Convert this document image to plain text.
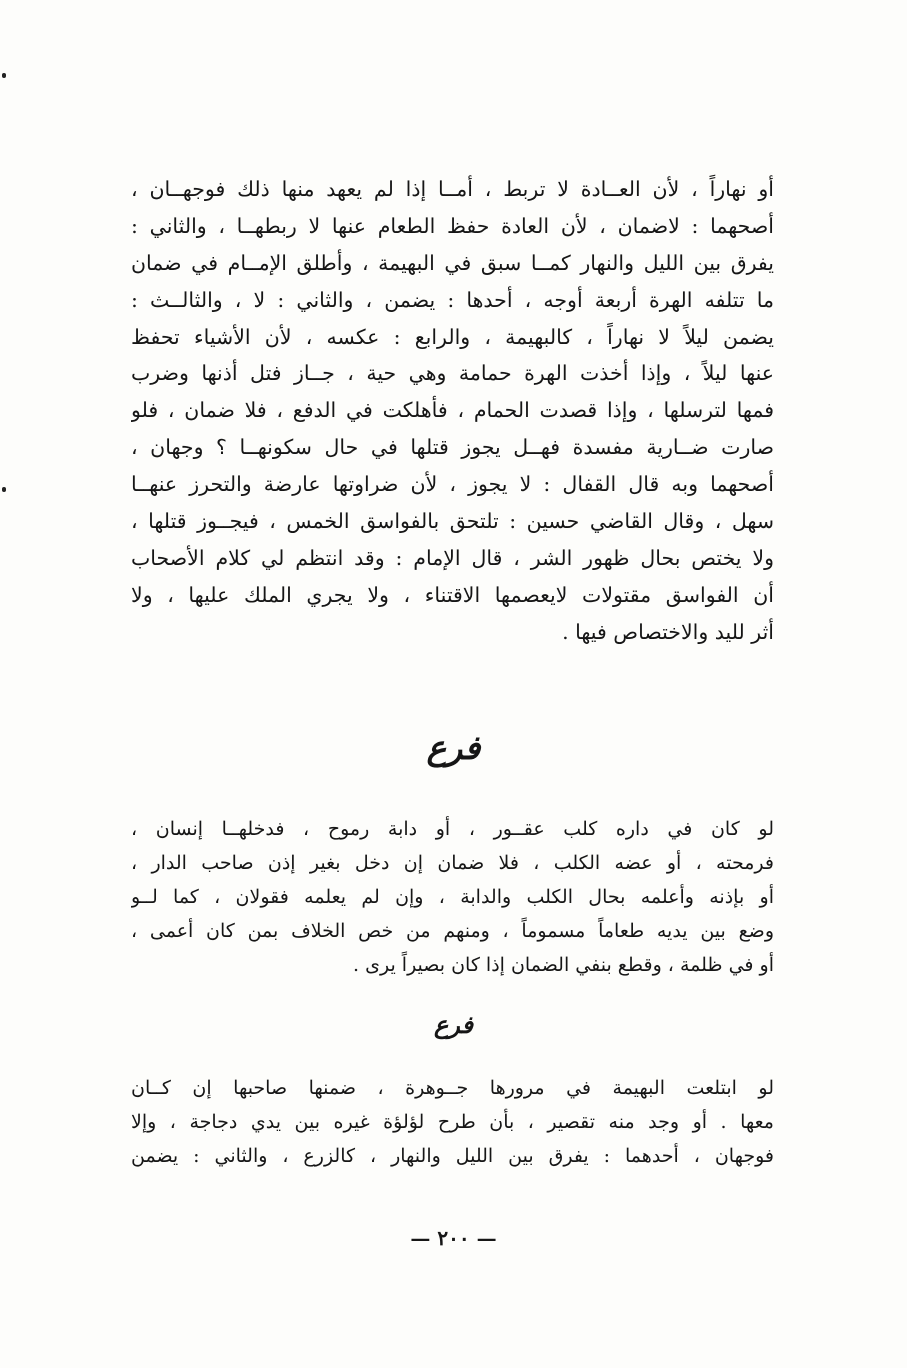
أو نهاراً ، لأن العــادة لا تربط ، أمــا إذا لم يعهد منها ذلك فوجهــان ،
أصحهما : لاضمان ، لأن العادة حفظ الطعام عنها لا ربطهــا ، والثاني :
يفرق بين الليل والنهار كمــا سبق في البهيمة ، وأطلق الإمــام في ضمان
ما تتلفه الهرة أربعة أوجه ، أحدها : يضمن ، والثاني : لا ، والثالــث :
يضمن ليلاً لا نهاراً ، كالبهيمة ، والرابع : عكسه ، لأن الأشياء تحفظ
عنها ليلاً ، وإذا أخذت الهرة حمامة وهي حية ، جــاز فتل أذنها وضرب
فمها لترسلها ، وإذا قصدت الحمام ، فأهلكت في الدفع ، فلا ضمان ، فلو
صارت ضــارية مفسدة فهــل يجوز قتلها في حال سكونهــا ؟ وجهان ،
أصحهما وبه قال القفال : لا يجوز ، لأن ضراوتها عارضة والتحرز عنهــا
سهل ، وقال القاضي حسين : تلتحق بالفواسق الخمس ، فيجــوز قتلها ،
ولا يختص بحال ظهور الشر ، قال الإمام : وقد انتظم لي كلام الأصحاب
أن الفواسق مقتولات لايعصمها الاقتناء ، ولا يجري الملك عليها ، ولا
أثر لليد والاختصاص فيها .
فرع
لو كان في داره كلب عقــور ، أو دابة رموح ، فدخلهــا إنسان ،
فرمحته ، أو عضه الكلب ، فلا ضمان إن دخل بغير إذن صاحب الدار ،
أو بإذنه وأعلمه بحال الكلب والدابة ، وإن لم يعلمه فقولان ، كما لــو
وضع بين يديه طعاماً مسموماً ، ومنهم من خص الخلاف بمن كان أعمى ،
أو في ظلمة ، وقطع بنفي الضمان إذا كان بصيراً يرى .
فرع
لو ابتلعت البهيمة في مرورها جــوهرة ، ضمنها صاحبها إن كــان
معها . أو وجد منه تقصير ، بأن طرح لؤلؤة غيره بين يدي دجاجة ، وإلا
فوجهان ، أحدهما : يفرق بين الليل والنهار ، كالزرع ، والثاني : يضمن
— ٢٠٠ —
